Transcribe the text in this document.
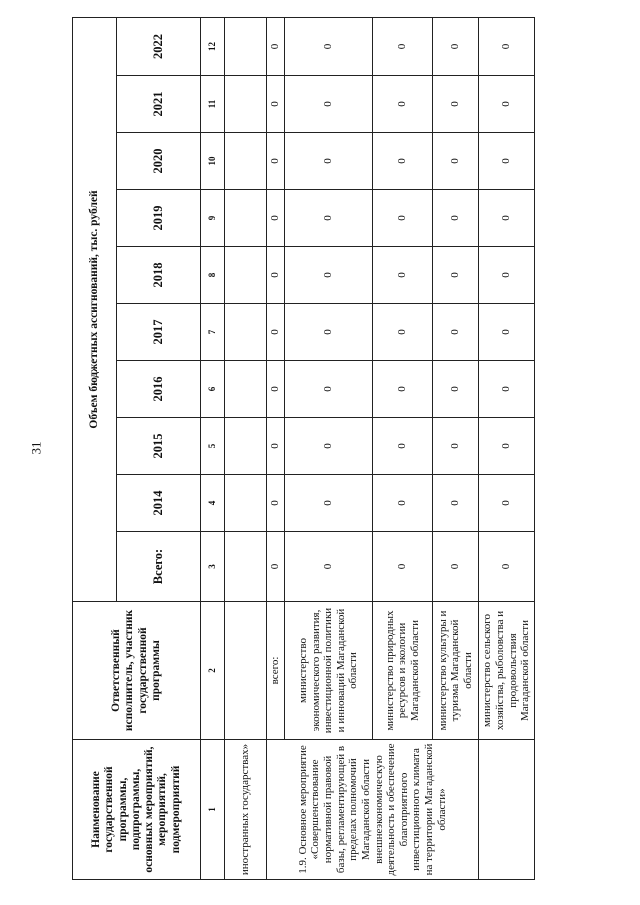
31
Наименование государственной программы, подпрограммы, основных мероприятий, мероприятий, подмероприятий	Ответственный исполнитель, участник государственной программы	Объем бюджетных ассигнований, тыс. рублей									
		Всего:	2014	2015	2016	2017	2018	2019	2020	2021	2022
1	2	3	4	5	6	7	8	9	10	11	12
иностранных государствах»											
1.9. Основное мероприятие «Совершенствование нормативной правовой базы, регламентирующей в пределах полномочий Магаданской области внешнеэкономическую деятельность и обеспечение благоприятного инвестиционного климата на территории Магаданской области»	всего:	0	0	0	0	0	0	0	0	0	0
	министерство экономического развития, инвестиционной политики и инноваций Магаданской области	0	0	0	0	0	0	0	0	0	0
	министерство природных ресурсов и экологии Магаданской области	0	0	0	0	0	0	0	0	0	0
	министерство культуры и туризма Магаданской области	0	0	0	0	0	0	0	0	0	0
	министерство сельского хозяйства, рыболовства и продовольствия Магаданской области	0	0	0	0	0	0	0	0	0	0
